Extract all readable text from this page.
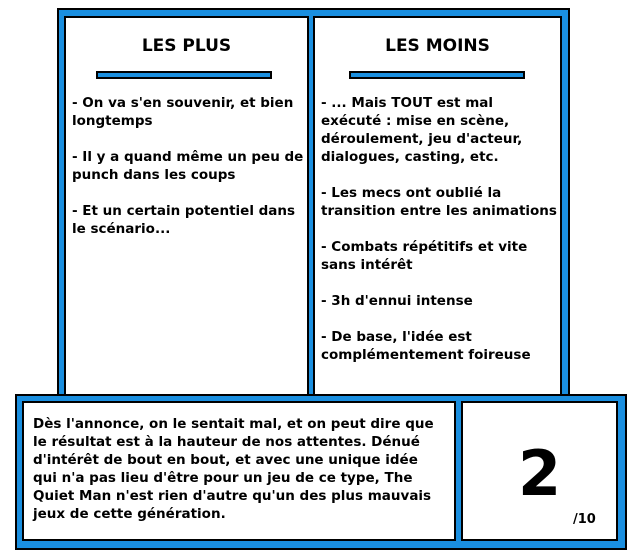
LES PLUS
- On va s'en souvenir, et bien longtemps
- Il y a quand même un peu de punch dans les coups
- Et un certain potentiel dans le scénario...
LES MOINS
- ... Mais TOUT est mal exécuté : mise en scène, déroulement, jeu d'acteur, dialogues, casting, etc.
- Les mecs ont oublié la transition entre les animations
- Combats répétitifs et vite sans intérêt
- 3h d'ennui intense
- De base, l'idée est complémentement foireuse
Dès l'annonce, on le sentait mal, et on peut dire que le résultat est à la hauteur de nos attentes. Dénué d'intérêt de bout en bout, et avec une unique idée qui n'a pas lieu d'être pour un jeu de ce type, The Quiet Man n'est rien d'autre qu'un des plus mauvais jeux de cette génération.
2
/10
